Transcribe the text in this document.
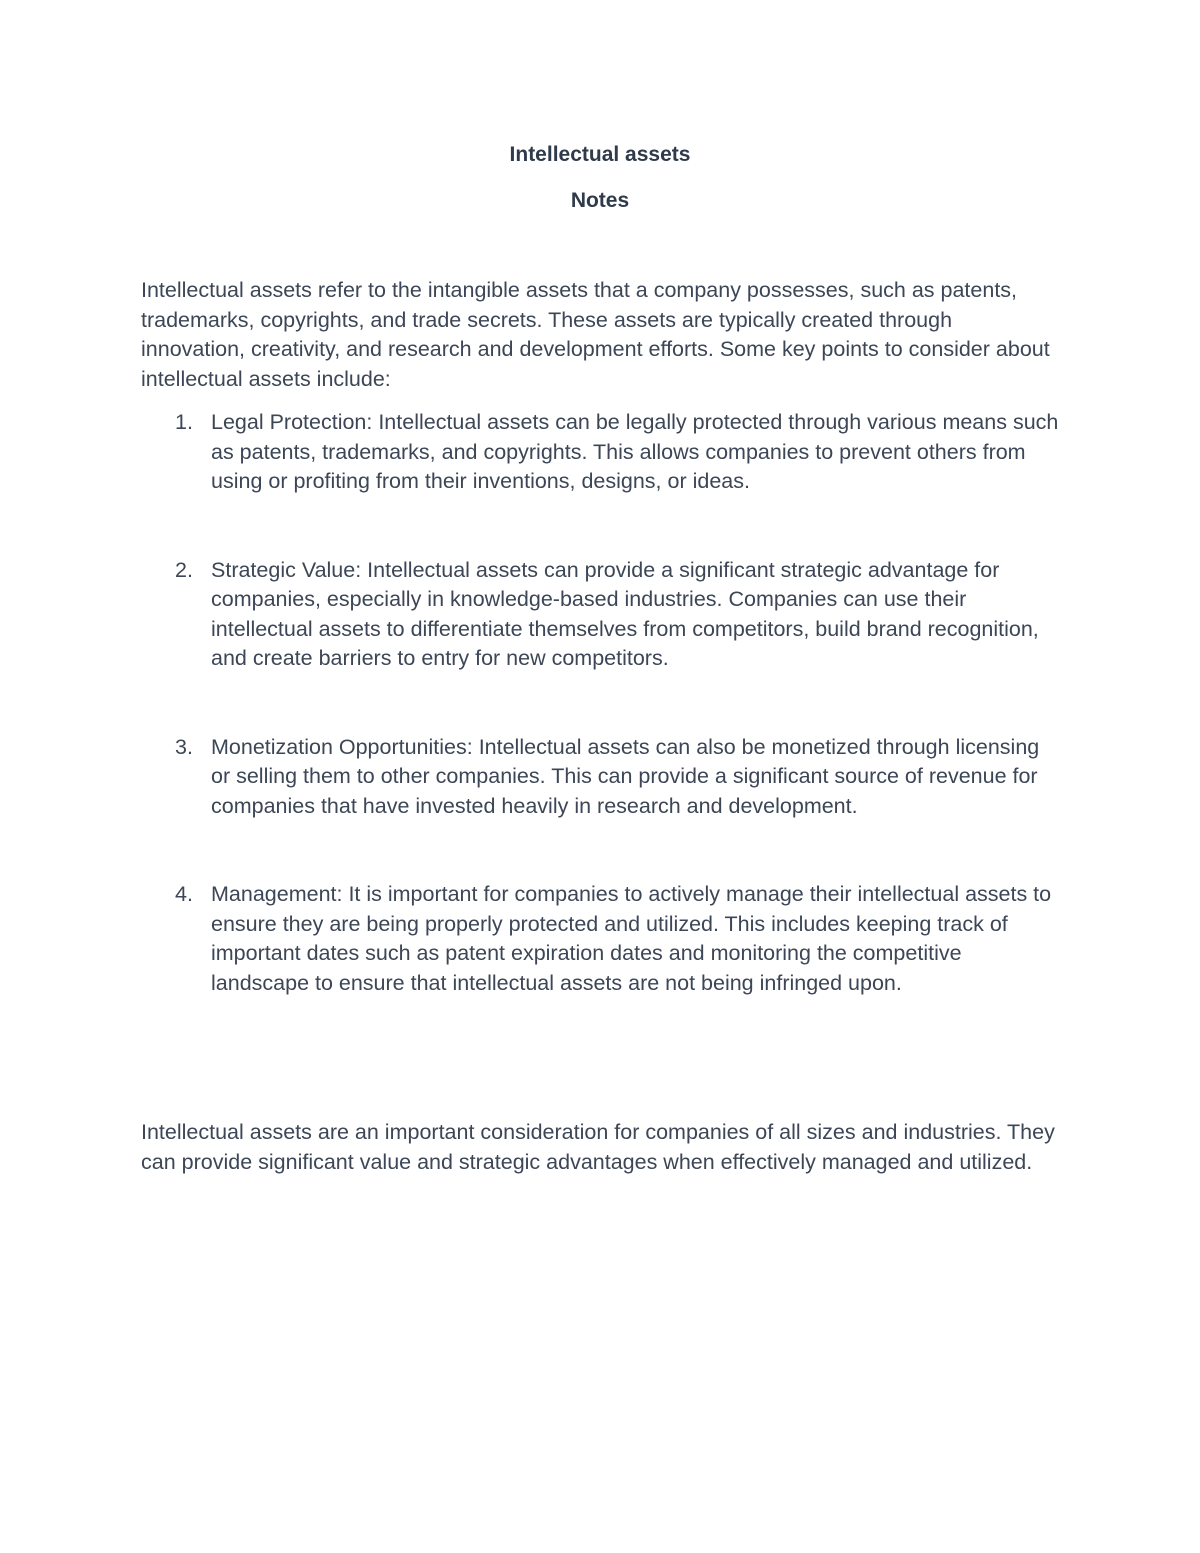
Intellectual assets
Notes

Intellectual assets refer to the intangible assets that a company possesses, such as patents, trademarks, copyrights, and trade secrets. These assets are typically created through innovation, creativity, and research and development efforts. Some key points to consider about intellectual assets include:

1. Legal Protection: Intellectual assets can be legally protected through various means such as patents, trademarks, and copyrights. This allows companies to prevent others from using or profiting from their inventions, designs, or ideas.
2. Strategic Value: Intellectual assets can provide a significant strategic advantage for companies, especially in knowledge-based industries. Companies can use their intellectual assets to differentiate themselves from competitors, build brand recognition, and create barriers to entry for new competitors.
3. Monetization Opportunities: Intellectual assets can also be monetized through licensing or selling them to other companies. This can provide a significant source of revenue for companies that have invested heavily in research and development.
4. Management: It is important for companies to actively manage their intellectual assets to ensure they are being properly protected and utilized. This includes keeping track of important dates such as patent expiration dates and monitoring the competitive landscape to ensure that intellectual assets are not being infringed upon.

Intellectual assets are an important consideration for companies of all sizes and industries. They can provide significant value and strategic advantages when effectively managed and utilized.
